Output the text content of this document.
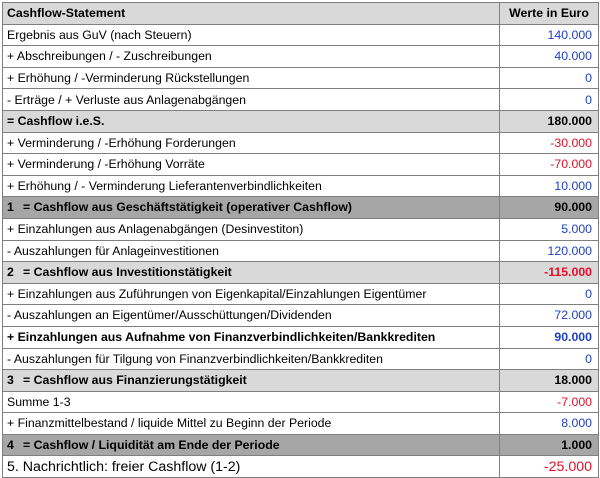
Cashflow-Statement	Werte in Euro
Ergebnis aus GuV (nach Steuern)	140.000
+ Abschreibungen / - Zuschreibungen	40.000
+ Erhöhung / -Verminderung Rückstellungen	0
- Erträge / + Verluste aus Anlagenabgängen	0
= Cashflow i.e.S.	180.000
+ Verminderung / -Erhöhung Forderungen	-30.000
+ Verminderung / -Erhöhung Vorräte	-70.000
+ Erhöhung / - Verminderung Lieferantenverbindlichkeiten	10.000
1 = Cashflow aus Geschäftstätigkeit (operativer Cashflow)	90.000
+ Einzahlungen aus Anlagenabgängen (Desinvestiton)	5.000
- Auszahlungen für Anlageinvestitionen	120.000
2 = Cashflow aus Investitionstätigkeit	-115.000
+ Einzahlungen aus Zuführungen von Eigenkapital/Einzahlungen Eigentümer	0
- Auszahlungen an Eigentümer/Ausschüttungen/Dividenden	72.000
+ Einzahlungen aus Aufnahme von Finanzverbindlichkeiten/Bankkrediten	90.000
- Auszahlungen für Tilgung von Finanzverbindlichkeiten/Bankkrediten	0
3 = Cashflow aus Finanzierungstätigkeit	18.000
Summe 1-3	-7.000
+ Finanzmittelbestand / liquide Mittel zu Beginn der Periode	8.000
4 = Cashflow / Liquidität am Ende der Periode	1.000
5. Nachrichtlich: freier Cashflow (1-2)	-25.000
